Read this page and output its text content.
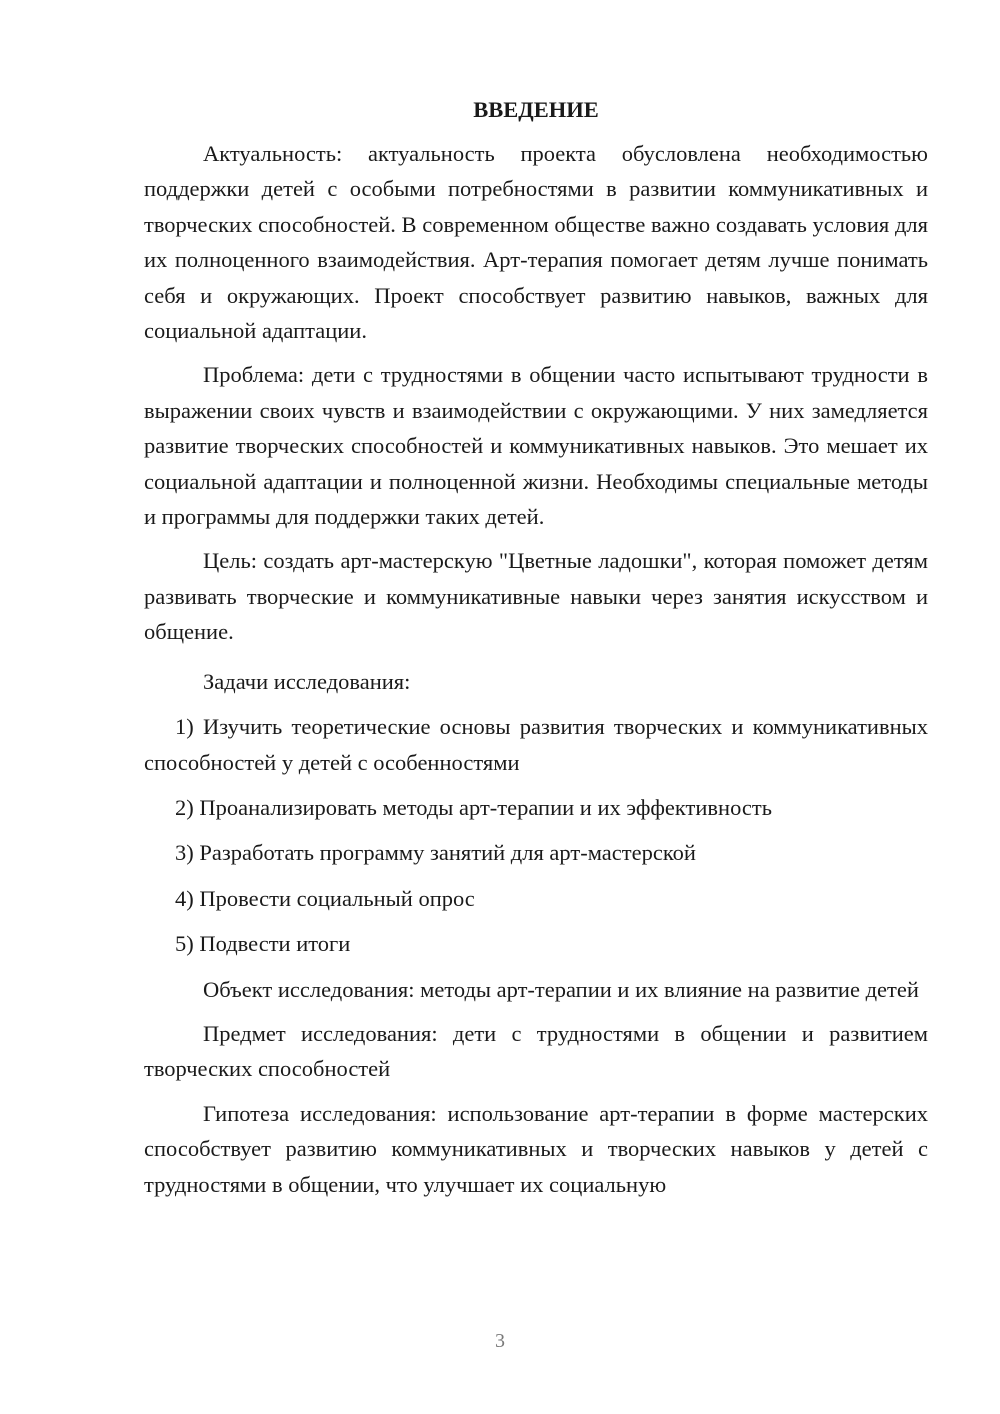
ВВЕДЕНИЕ

Актуальность: актуальность проекта обусловлена необходимостью поддержки детей с особыми потребностями в развитии коммуникативных и творческих способностей. В современном обществе важно создавать условия для их полноценного взаимодействия. Арт-терапия помогает детям лучше понимать себя и окружающих. Проект способствует развитию навыков, важных для социальной адаптации.

Проблема: дети с трудностями в общении часто испытывают трудности в выражении своих чувств и взаимодействии с окружающими. У них замедляется развитие творческих способностей и коммуникативных навыков. Это мешает их социальной адаптации и полноценной жизни. Необходимы специальные методы и программы для поддержки таких детей.

Цель: создать арт-мастерскую "Цветные ладошки", которая поможет детям развивать творческие и коммуникативные навыки через занятия искусством и общение.

Задачи исследования:

1) Изучить теоретические основы развития творческих и коммуникативных способностей у детей с особенностями

2) Проанализировать методы арт-терапии и их эффективность

3) Разработать программу занятий для арт-мастерской

4) Провести социальный опрос

5) Подвести итоги

Объект исследования: методы арт-терапии и их влияние на развитие детей

Предмет исследования: дети с трудностями в общении и развитием творческих способностей

Гипотеза исследования: использование арт-терапии в форме мастерских способствует развитию коммуникативных и творческих навыков у детей с трудностями в общении, что улучшает их социальную

3
